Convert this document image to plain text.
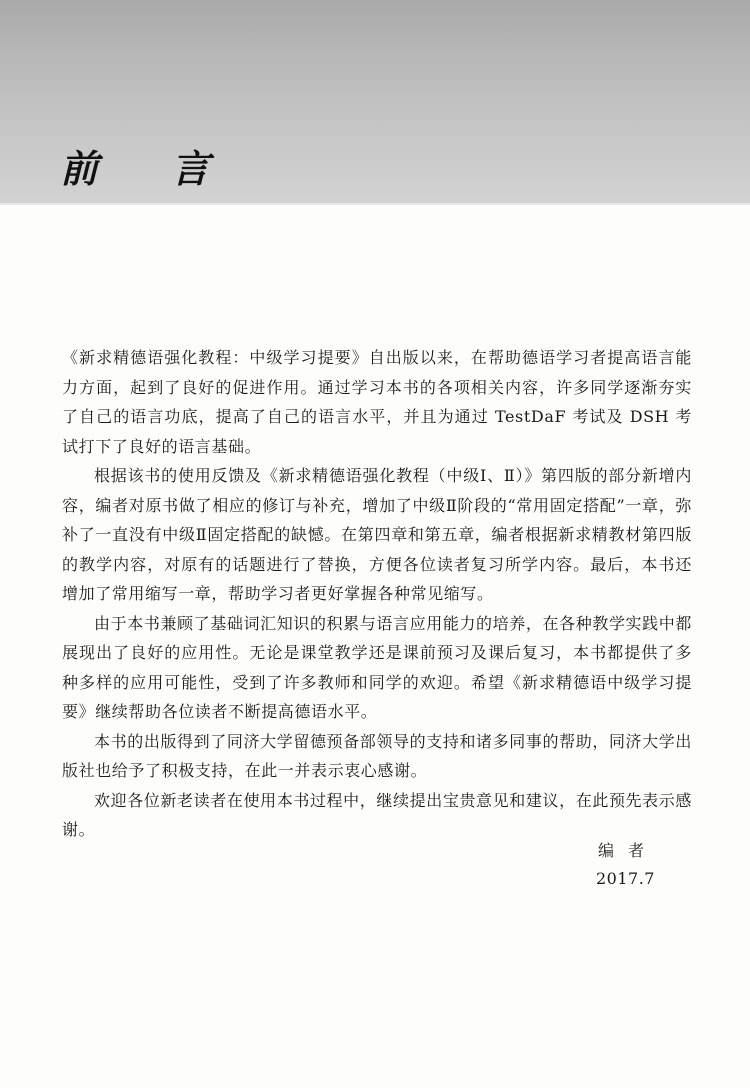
前 言

《新求精德语强化教程：中级学习提要》自出版以来，在帮助德语学习者提高语言能力方面，起到了良好的促进作用。通过学习本书的各项相关内容，许多同学逐渐夯实了自己的语言功底，提高了自己的语言水平，并且为通过 TestDaF 考试及 DSH 考试打下了良好的语言基础。

根据该书的使用反馈及《新求精德语强化教程（中级Ⅰ、Ⅱ）》第四版的部分新增内容，编者对原书做了相应的修订与补充，增加了中级Ⅱ阶段的“常用固定搭配”一章，弥补了一直没有中级Ⅱ固定搭配的缺憾。在第四章和第五章，编者根据新求精教材第四版的教学内容，对原有的话题进行了替换，方便各位读者复习所学内容。最后，本书还增加了常用缩写一章，帮助学习者更好掌握各种常见缩写。

由于本书兼顾了基础词汇知识的积累与语言应用能力的培养，在各种教学实践中都展现出了良好的应用性。无论是课堂教学还是课前预习及课后复习，本书都提供了多种多样的应用可能性，受到了许多教师和同学的欢迎。希望《新求精德语中级学习提要》继续帮助各位读者不断提高德语水平。

本书的出版得到了同济大学留德预备部领导的支持和诸多同事的帮助，同济大学出版社也给予了积极支持，在此一并表示衷心感谢。

欢迎各位新老读者在使用本书过程中，继续提出宝贵意见和建议，在此预先表示感谢。

编者

2017.7
